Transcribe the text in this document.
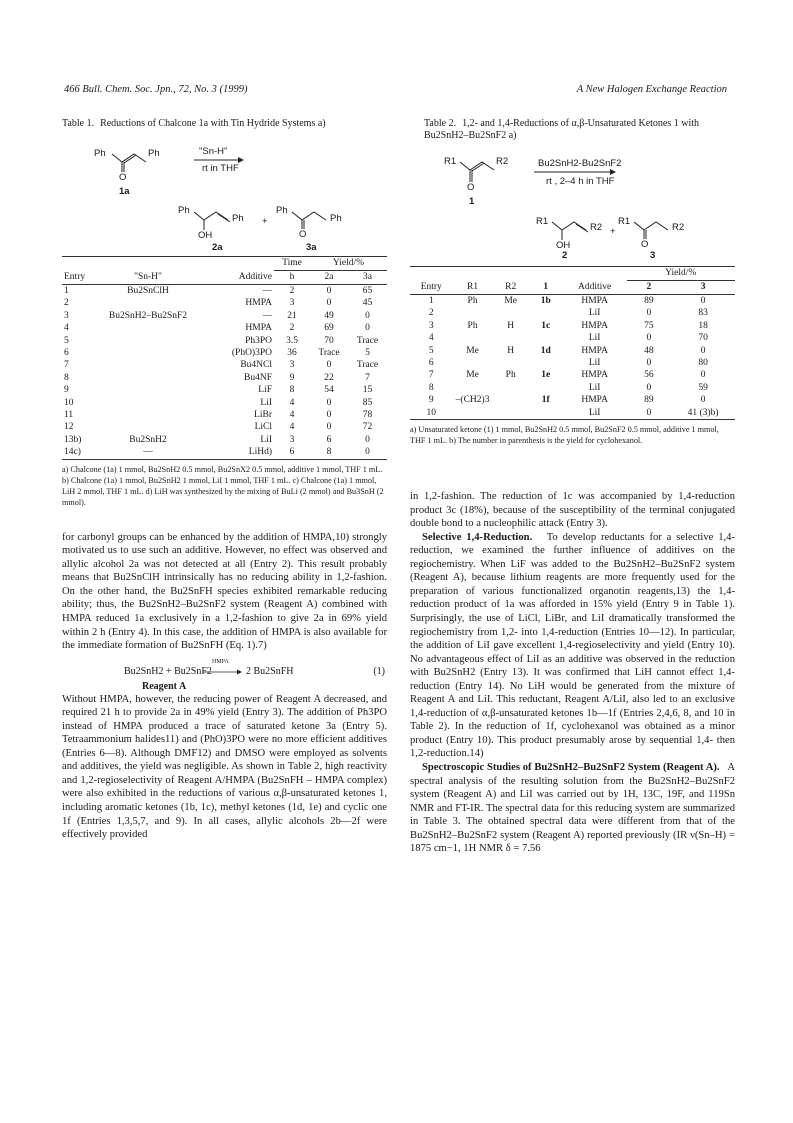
466 Bull. Chem. Soc. Jpn., 72, No. 3 (1999)	A New Halogen Exchange Reaction
Table 1. Reductions of Chalcone 1a with Tin Hydride Systems a)
Ph	Ph
O
1a
"Sn-H"
rt in THF
Ph
Ph
OH
+
Ph
Ph
O
2a	3a
			Time	Yield/%	
Entry	"Sn-H"	Additive	h	2a	3a
1	Bu2SnClH	—	2	0	65
2		HMPA	3	0	45
3	Bu2SnH2–Bu2SnF2	—	21	49	0
4		HMPA	2	69	0
5		Ph3PO	3.5	70	Trace
6		(PhO)3PO	36	Trace	5
7		Bu4NCl	3	0	Trace
8		Bu4NF	9	22	7
9		LiF	8	54	15
10		LiI	4	0	85
11		LiBr	4	0	78
12		LiCl	4	0	72
13b)	Bu2SnH2	LiI	3	6	0
14c)	—	LiHd)	6	8	0
a) Chalcone (1a) 1 mmol, Bu2SnH2 0.5 mmol, Bu2SnX2 0.5 mmol, additive 1 mmol, THF 1 mL. b) Chalcone (1a) 1 mmol, Bu2SnH2 1 mmol, LiI 1 mmol, THF 1 mL. c) Chalcone (1a) 1 mmol, LiH 2 mmol, THF 1 mL. d) LiH was synthesized by the mixing of BuLi (2 mmol) and Bu3SnH (2 mmol).

for carbonyl groups can be enhanced by the addition of HMPA,10) strongly motivated us to use such an additive. However, no effect was observed and allylic alcohol 2a was not detected at all (Entry 2). This result probably means that Bu2SnClH intrinsically has no reducing ability in 1,2-fashion. On the other hand, the Bu2SnFH species exhibited remarkable reducing ability; thus, the Bu2SnH2–Bu2SnF2 system (Reagent A) combined with HMPA reduced 1a exclusively in a 1,2-fashion to give 2a in 69% yield within 2 h (Entry 4). In this case, the addition of HMPA is also available for the immediate formation of Bu2SnFH (Eq. 1).7)

HMPA
Bu2SnH2 + Bu2SnF2	2 Bu2SnFH	(1)
Reagent A

Without HMPA, however, the reducing power of Reagent A decreased, and required 21 h to provide 2a in 49% yield (Entry 3). The addition of Ph3PO instead of HMPA produced a trace of saturated ketone 3a (Entry 5). Tetraammonium halides11) and (PhO)3PO were no more efficient additives (Entries 6—8). Although DMF12) and DMSO were employed as solvents and additives, the yield was negligible. As shown in Table 2, high reactivity and 1,2-regioselectivity of Reagent A/HMPA (Bu2SnFH – HMPA complex) were also exhibited in the reductions of various α,β-unsaturated ketones 1, including aromatic ketones (1b, 1c), methyl ketones (1d, 1e) and cyclic one 1f (Entries 1,3,5,7, and 9). In all cases, allylic alcohols 2b—2f were effectively provided

Table 2. 1,2- and 1,4-Reductions of α,β-Unsaturated Ketones 1 with Bu2SnH2–Bu2SnF2 a)
R1	R2
O
1
Bu2SnH2-Bu2SnF2
rt , 2–4 h in THF
R1
R2
OH
+
R1
R2
O
2	3
					Yield/%	
Entry	R1	R2	1	Additive	2	3
1	Ph	Me	1b	HMPA	89	0
2				LiI	0	83
3	Ph	H	1c	HMPA	75	18
4				LiI	0	70
5	Me	H	1d	HMPA	48	0
6				LiI	0	80
7	Me	Ph	1e	HMPA	56	0
8				LiI	0	59
9	–(CH2)3		1f	HMPA	89	0
10				LiI	0	41 (3)b)
a) Unsaturated ketone (1) 1 mmol, Bu2SnH2 0.5 mmol, Bu2SnF2 0.5 mmol, additive 1 mmol, THF 1 mL. b) The number in parenthesis is the yield for cyclohexanol.

in 1,2-fashion. The reduction of 1c was accompanied by 1,4-reduction product 3c (18%), because of the susceptibility of the terminal conjugated double bond to a nucleophilic attack (Entry 3).

Selective 1,4-Reduction. To develop reductants for a selective 1,4-reduction, we examined the further influence of additives on the regiochemistry. When LiF was added to the Bu2SnH2–Bu2SnF2 system (Reagent A), because lithium reagents are more frequently used for the preparation of various functionalized organotin reagents,13) the 1,4-reduction product of 1a was afforded in 15% yield (Entry 9 in Table 1). Surprisingly, the use of LiCl, LiBr, and LiI dramatically transformed the regiochemistry from 1,2- into 1,4-reduction (Entries 10—12). In particular, the addition of LiI gave excellent 1,4-regioselectivity and yield (Entry 10). No advantageous effect of LiI as an additive was observed in the reduction with Bu2SnH2 (Entry 13). It was confirmed that LiH cannot effect 1,4-reduction (Entry 14). No LiH would be generated from the mixture of Reagent A and LiI. This reductant, Reagent A/LiI, also led to an exclusive 1,4-reduction of α,β-unsaturated ketones 1b—1f (Entries 2,4,6, 8, and 10 in Table 2). In the reduction of 1f, cyclohexanol was obtained as a minor product (Entry 10). This product presumably arose by sequential 1,4- then 1,2-reduction.14)

Spectroscopic Studies of Bu2SnH2–Bu2SnF2 System (Reagent A). A spectral analysis of the resulting solution from the Bu2SnH2–Bu2SnF2 system (Reagent A) and LiI was carried out by 1H, 13C, 19F, and 119Sn NMR and FT-IR. The spectral data for this reducing system are summarized in Table 3. The obtained spectral data were different from that of the Bu2SnH2–Bu2SnF2 system (Reagent A) reported previously (IR ν(Sn–H) = 1875 cm−1, 1H NMR δ = 7.56
